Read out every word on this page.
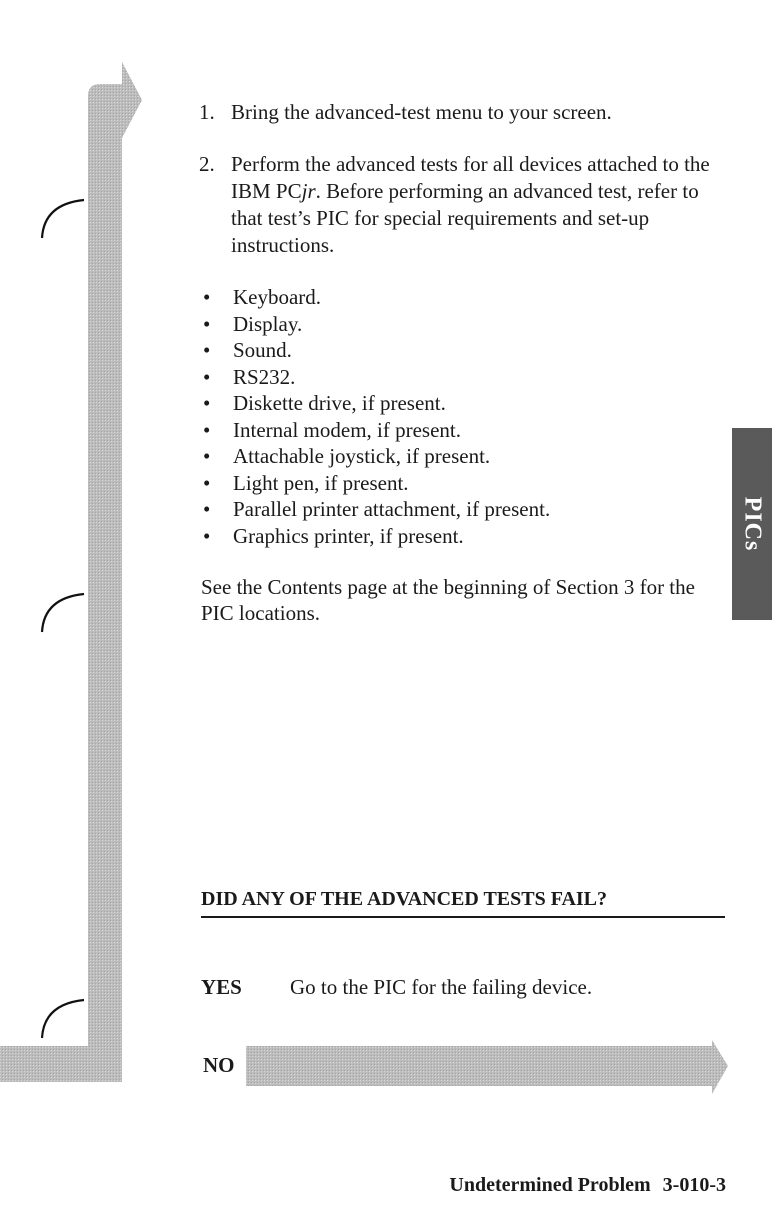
1. Bring the advanced-test menu to your screen.
2. Perform the advanced tests for all devices attached to the IBM PCjr. Before performing an advanced test, refer to that test’s PIC for special requirements and set-up instructions.
• Keyboard.
• Display.
• Sound.
• RS232.
• Diskette drive, if present.
• Internal modem, if present.
• Attachable joystick, if present.
• Light pen, if present.
• Parallel printer attachment, if present.
• Graphics printer, if present.

See the Contents page at the beginning of Section 3 for the PIC locations.

DID ANY OF THE ADVANCED TESTS FAIL?
YES Go to the PIC for the failing device.
NO
PICs
Undetermined Problem 3-010-3
